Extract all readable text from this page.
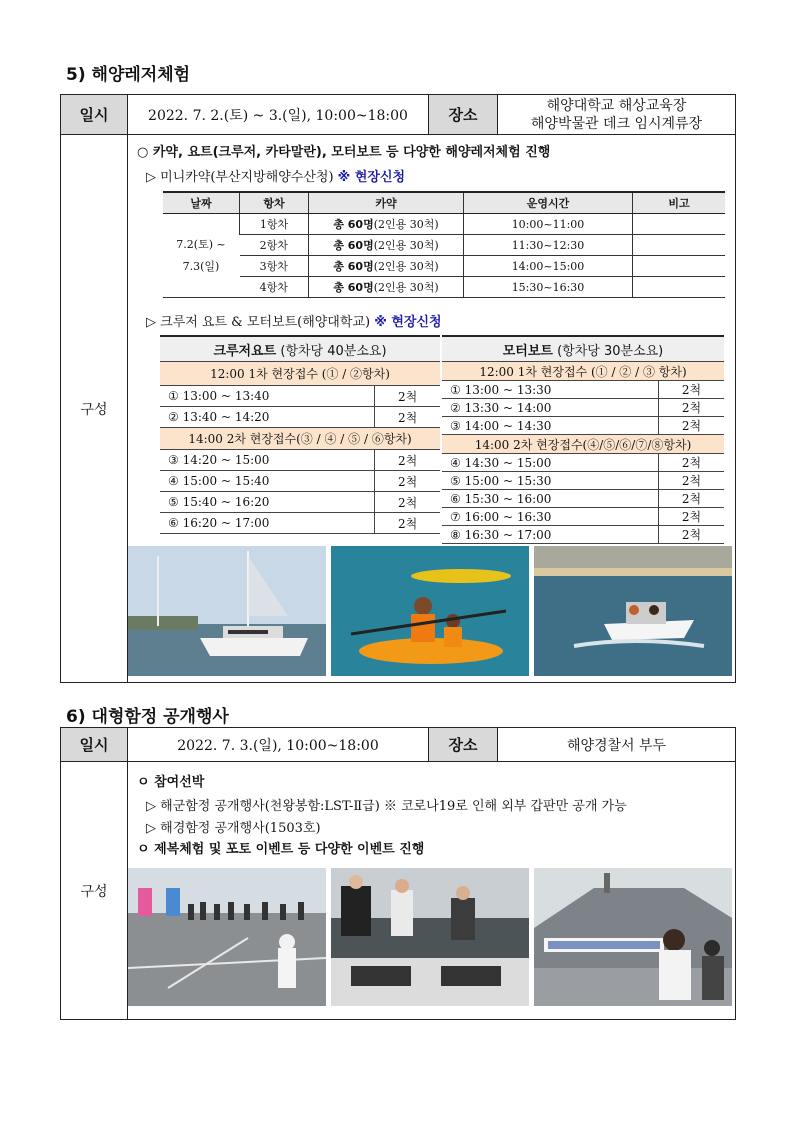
5) 해양레저체험
일시	2022. 7. 2.(토) ~ 3.(일), 10:00~18:00	장소	해양대학교 해상교육장
해양박물관 데크 임시계류장

구성			
○ 카약, 요트(크루저, 카타말란), 모터보트 등 다양한 해양레저체험 진행
▷ 미니카약(부산지방해양수산청) ※ 현장신청
날짜	항차	카약	운영시간	비고

7.2(토) ~
7.3(일)	1항차	총 60명(2인용 30척)	10:00~11:00	
	2항차	총 60명(2인용 30척)	11:30~12:30	
	3항차	총 60명(2인용 30척)	14:00~15:00	
	4항차	총 60명(2인용 30척)	15:30~16:30	
▷ 크루저 요트 & 모터보트(해양대학교) ※ 현장신청
크루저요트 (항차당 40분소요)	
12:00 1차 현장접수 (① / ②항차)	
① 13:00 ~ 13:40	2척
② 13:40 ~ 14:20	2척
14:00 2차 현장접수(③ / ④ / ⑤ / ⑥항차)	
③ 14:20 ~ 15:00	2척
④ 15:00 ~ 15:40	2척
⑤ 15:40 ~ 16:20	2척
⑥ 16:20 ~ 17:00	2척
모터보트 (항차당 30분소요)	
12:00 1차 현장접수 (① / ② / ③ 항차)	
① 13:00 ~ 13:30	2척
② 13:30 ~ 14:00	2척
③ 14:00 ~ 14:30	2척
14:00 2차 현장접수(④/⑤/⑥/⑦/⑧항차)	
④ 14:30 ~ 15:00	2척
⑤ 15:00 ~ 15:30	2척
⑥ 15:30 ~ 16:00	2척
⑦ 16:00 ~ 16:30	2척
⑧ 16:30 ~ 17:00	2척
6) 대형함정 공개행사
일시	2022. 7. 3.(일), 10:00~18:00	장소	해양경찰서 부두
구성			
ㅇ 참여선박
▷ 해군함정 공개행사(천왕봉함:LST-Ⅱ급) ※ 코로나19로 인해 외부 갑판만 공개 가능
▷ 해경함정 공개행사(1503호)
ㅇ 제복체험 및 포토 이벤트 등 다양한 이벤트 진행
